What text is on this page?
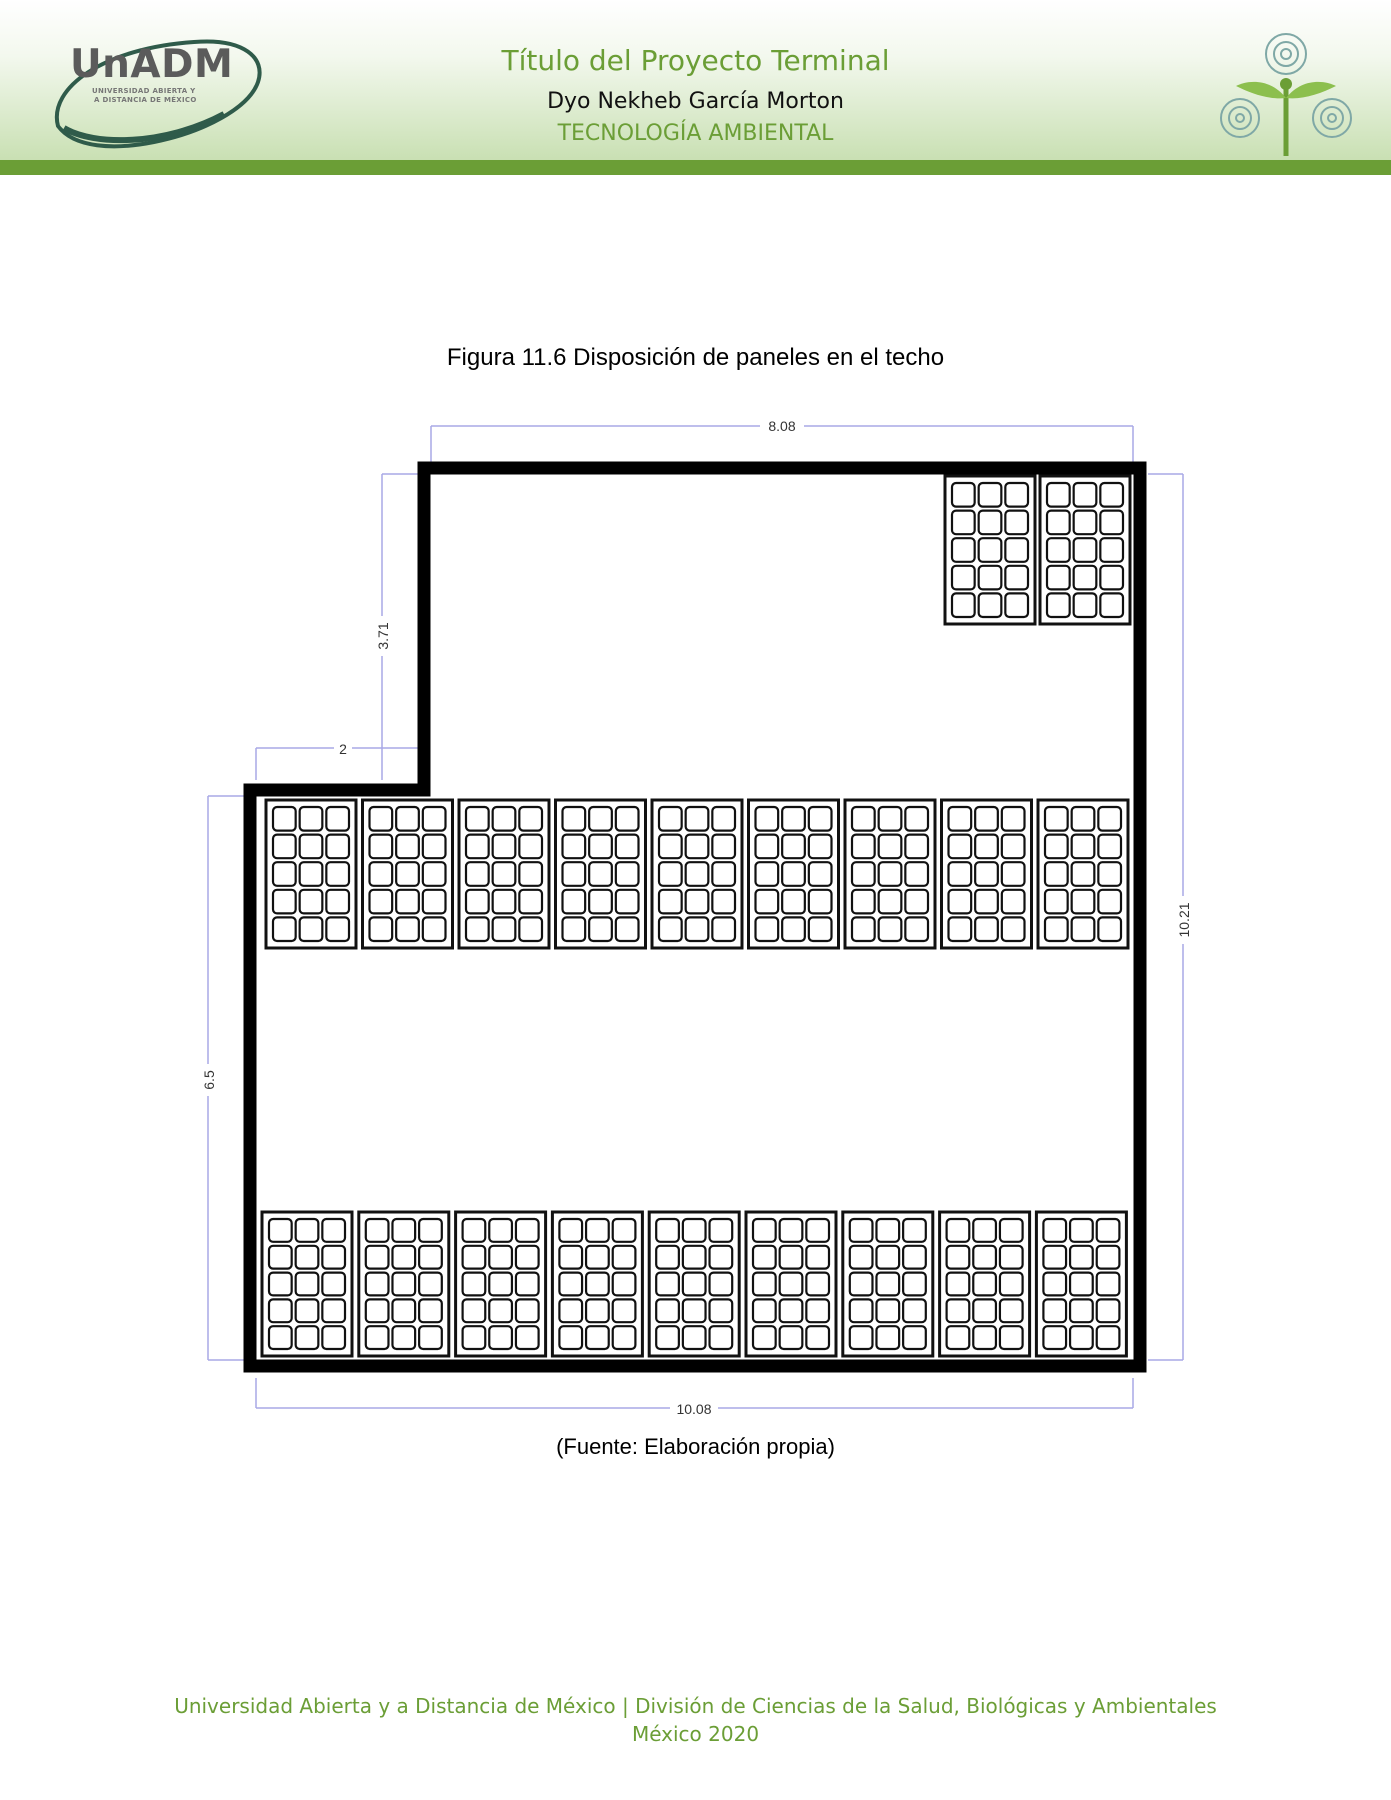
UnADM
UNIVERSIDAD ABIERTA Y
A DISTANCIA DE MÉXICO
Título del Proyecto Terminal
Dyo Nekheb García Morton
TECNOLOGÍA AMBIENTAL
Figura 11.6 Disposición de paneles en el techo
8.08
2
10.08
3.71
6.5
10.21
(Fuente: Elaboración propia)
Universidad Abierta y a Distancia de México | División de Ciencias de la Salud, Biológicas y Ambientales
México 2020
